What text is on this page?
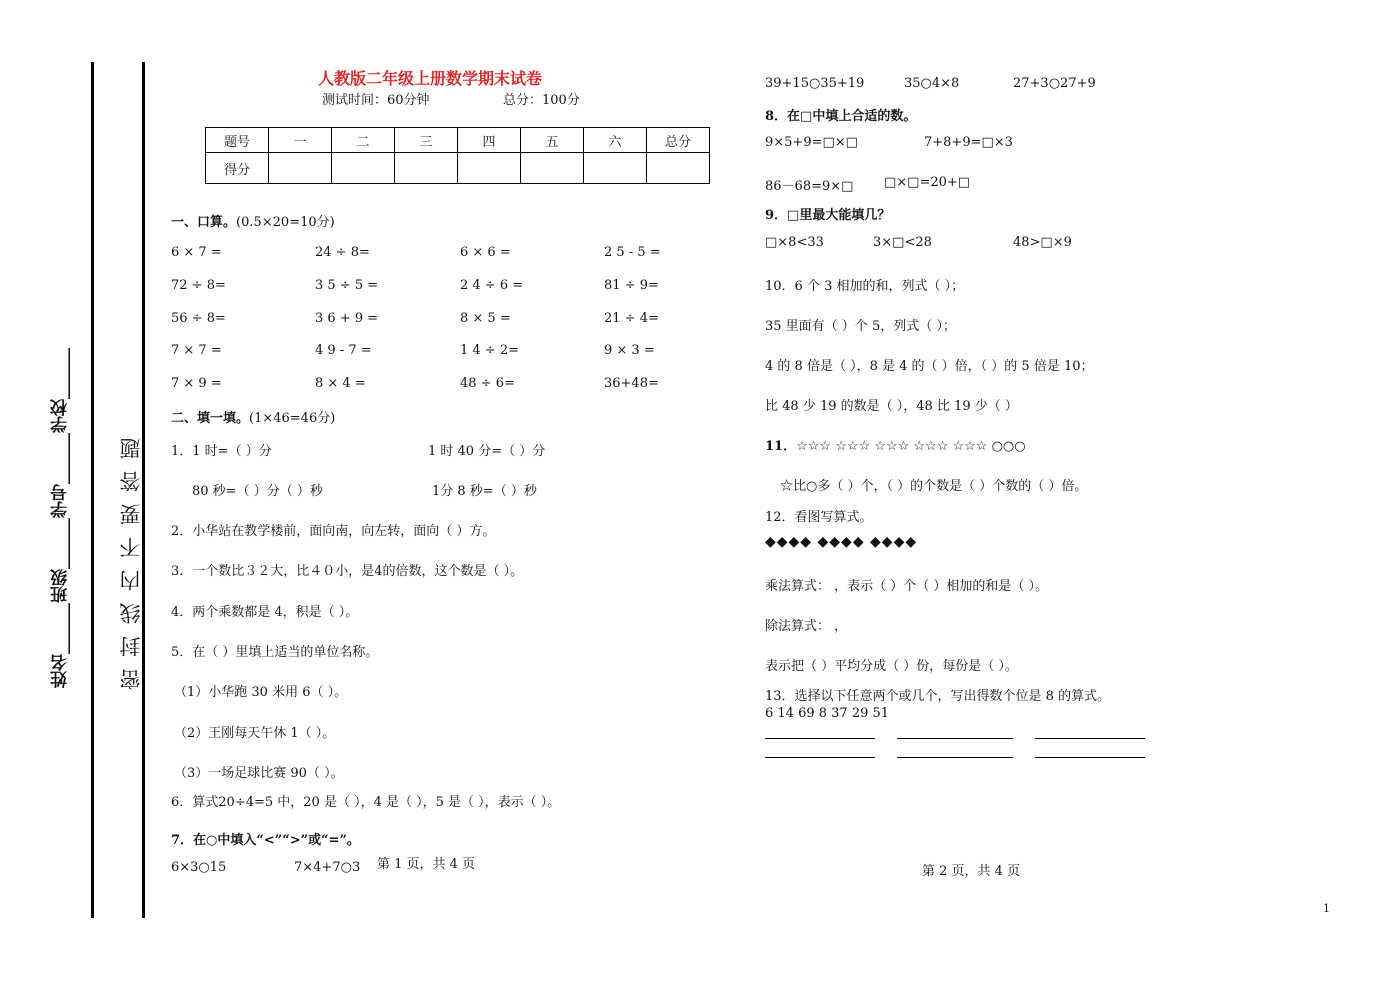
姓名______班级______学号______学校______ 密封线内不要答题
人教版二年级上册数学期末试卷
测试时间：60分钟	总分：100分
题号	一	二	三	四	五	六	总分
得分							
一、口算。(0.5×20=10分)
6 × 7 =	24 ÷ 8=	6 × 6 =	2 5 - 5 =
72 ÷ 8=	3 5 ÷ 5 =	2 4 ÷ 6 =	81 ÷ 9=
56 ÷ 8=	3 6 + 9 =	8 × 5 =	21 ÷ 4=
7 × 7 =	4 9 - 7 =	1 4 ÷ 2=	9 × 3 =
7 × 9 =	8 × 4 =	48 ÷ 6=	36+48=
二、填一填。(1×46=46分)
1．1 时=（ ）分	1 时 40 分=（ ）分
80 秒=（ ）分（ ）秒	1分 8 秒=（ ）秒
2．小华站在教学楼前，面向南，向左转，面向（ ）方。
3．一个数比３２大，比４０小，是4的倍数，这个数是（ ）。
4．两个乘数都是 4，积是（ ）。
5．在（ ）里填上适当的单位名称。
（1）小华跑 30 米用 6（ ）。
（2）王刚每天午休 1（ ）。
（3）一场足球比赛 90（ ）。
6．算式20÷4=5 中，20 是（ ），4 是（ ），5 是（ ），表示（ ）。
7．在○中填入“<”“>”或“=”。
6×3○15	7×4+7○3 第 1 页，共 4 页
39+15○35+19	35○4×8	27+3○27+9
8．在□中填上合适的数。
9×5+9=□×□	7+8+9=□×3
86－68=9×□ □×□=20+□
9．□里最大能填几？
□×8<33	3×□<28	48>□×9
10．6 个 3 相加的和，列式（ ）；
35 里面有（ ）个 5，列式（ ）；
4 的 8 倍是（ ），8 是 4 的（ ）倍，（ ）的 5 倍是 10；
比 48 少 19 的数是（ ），48 比 19 少（ ）
11．☆☆☆ ☆☆☆ ☆☆☆ ☆☆☆ ☆☆☆ ○○○
☆比○多（ ）个，（ ）的个数是（ ）个数的（ ）倍。
12．看图写算式。
◆◆◆◆ ◆◆◆◆ ◆◆◆◆
乘法算式： ，表示（ ）个（ ）相加的和是（ ）。
除法算式： ，
表示把（ ）平均分成（ ）份，每份是（ ）。
13．选择以下任意两个或几个，写出得数个位是 8 的算式。
6 14 69 8 37 29 51
第 2 页，共 4 页
1
